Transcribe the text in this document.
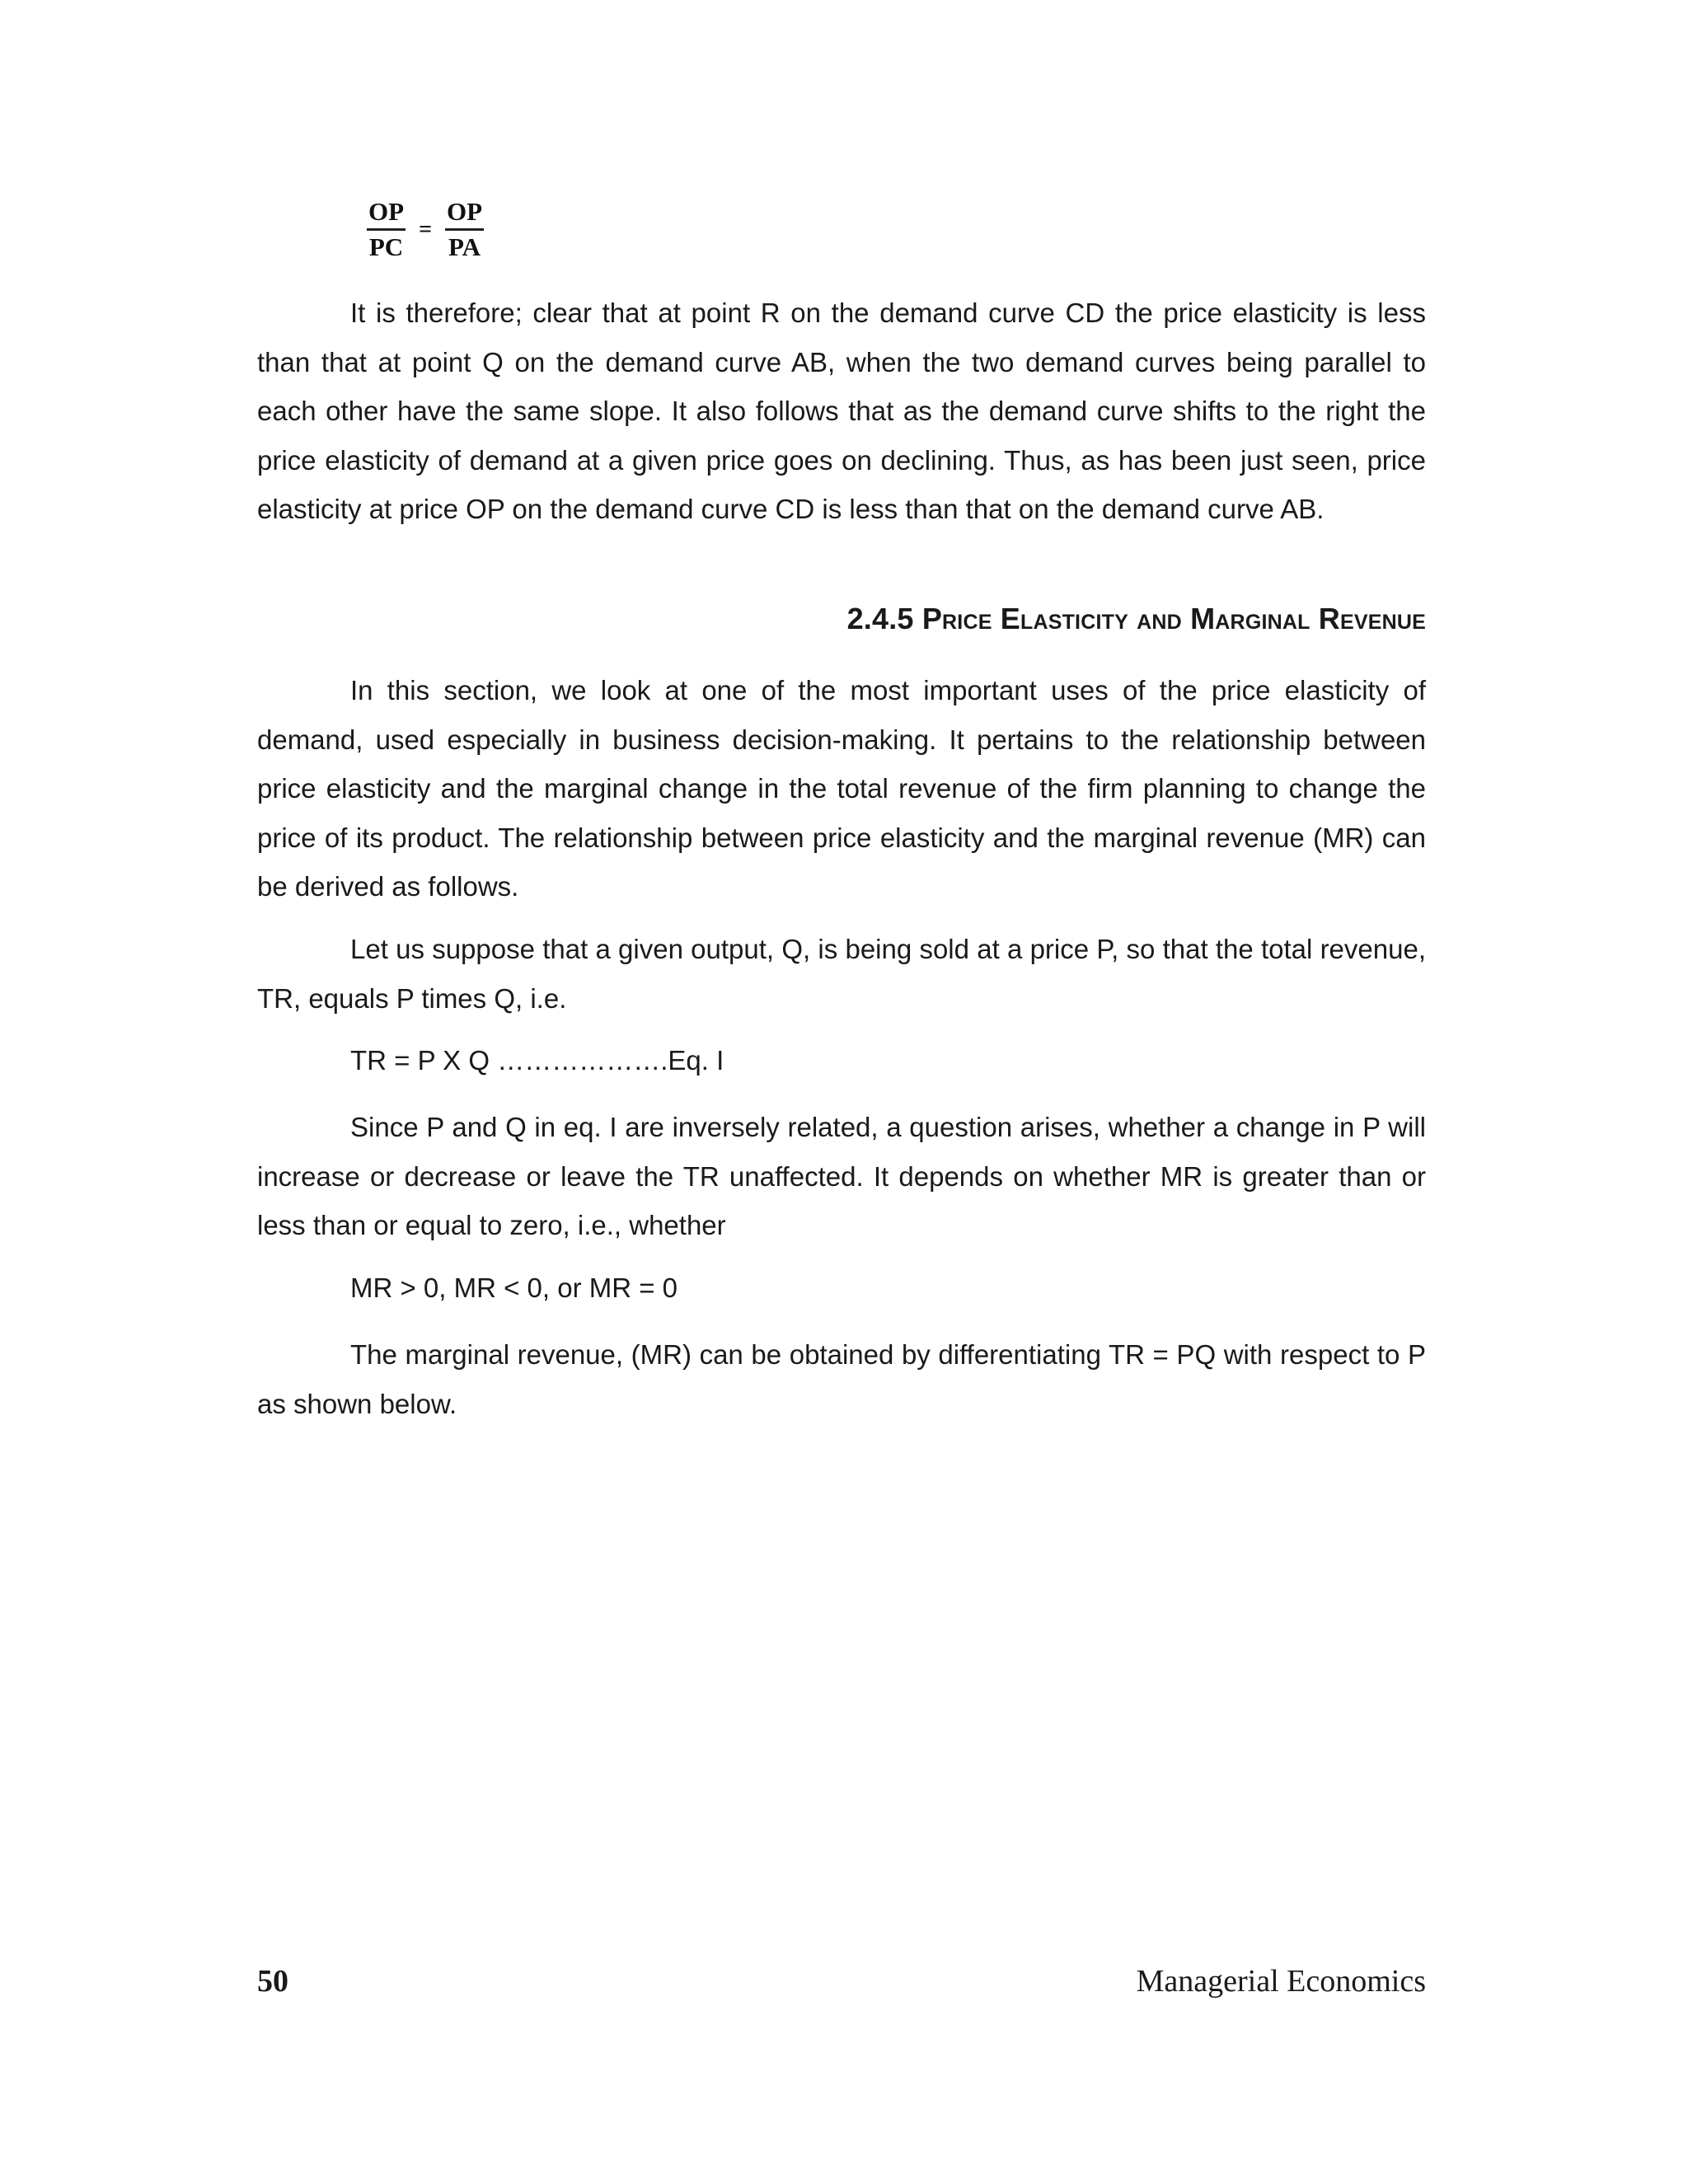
$\frac{OP}{PC} = \frac{OP}{PA}$

It is therefore; clear that at point R on the demand curve CD the price elasticity is less than that at point Q on the demand curve AB, when the two demand curves being parallel to each other have the same slope. It also follows that as the demand curve shifts to the right the price elasticity of demand at a given price goes on declining. Thus, as has been just seen, price elasticity at price OP on the demand curve CD is less than that on the demand curve AB.

2.4.5 Price Elasticity and Marginal Revenue

In this section, we look at one of the most important uses of the price elasticity of demand, used especially in business decision-making. It pertains to the relationship between price elasticity and the marginal change in the total revenue of the firm planning to change the price of its product. The relationship between price elasticity and the marginal revenue (MR) can be derived as follows.

Let us suppose that a given output, Q, is being sold at a price P, so that the total revenue, TR, equals P times Q, i.e.

TR = P X Q ……………….Eq. I

Since P and Q in eq. I are inversely related, a question arises, whether a change in P will increase or decrease or leave the TR unaffected. It depends on whether MR is greater than or less than or equal to zero, i.e., whether

MR > 0, MR < 0, or MR = 0

The marginal revenue, (MR) can be obtained by differentiating TR = PQ with respect to P as shown below.

50	Managerial Economics
